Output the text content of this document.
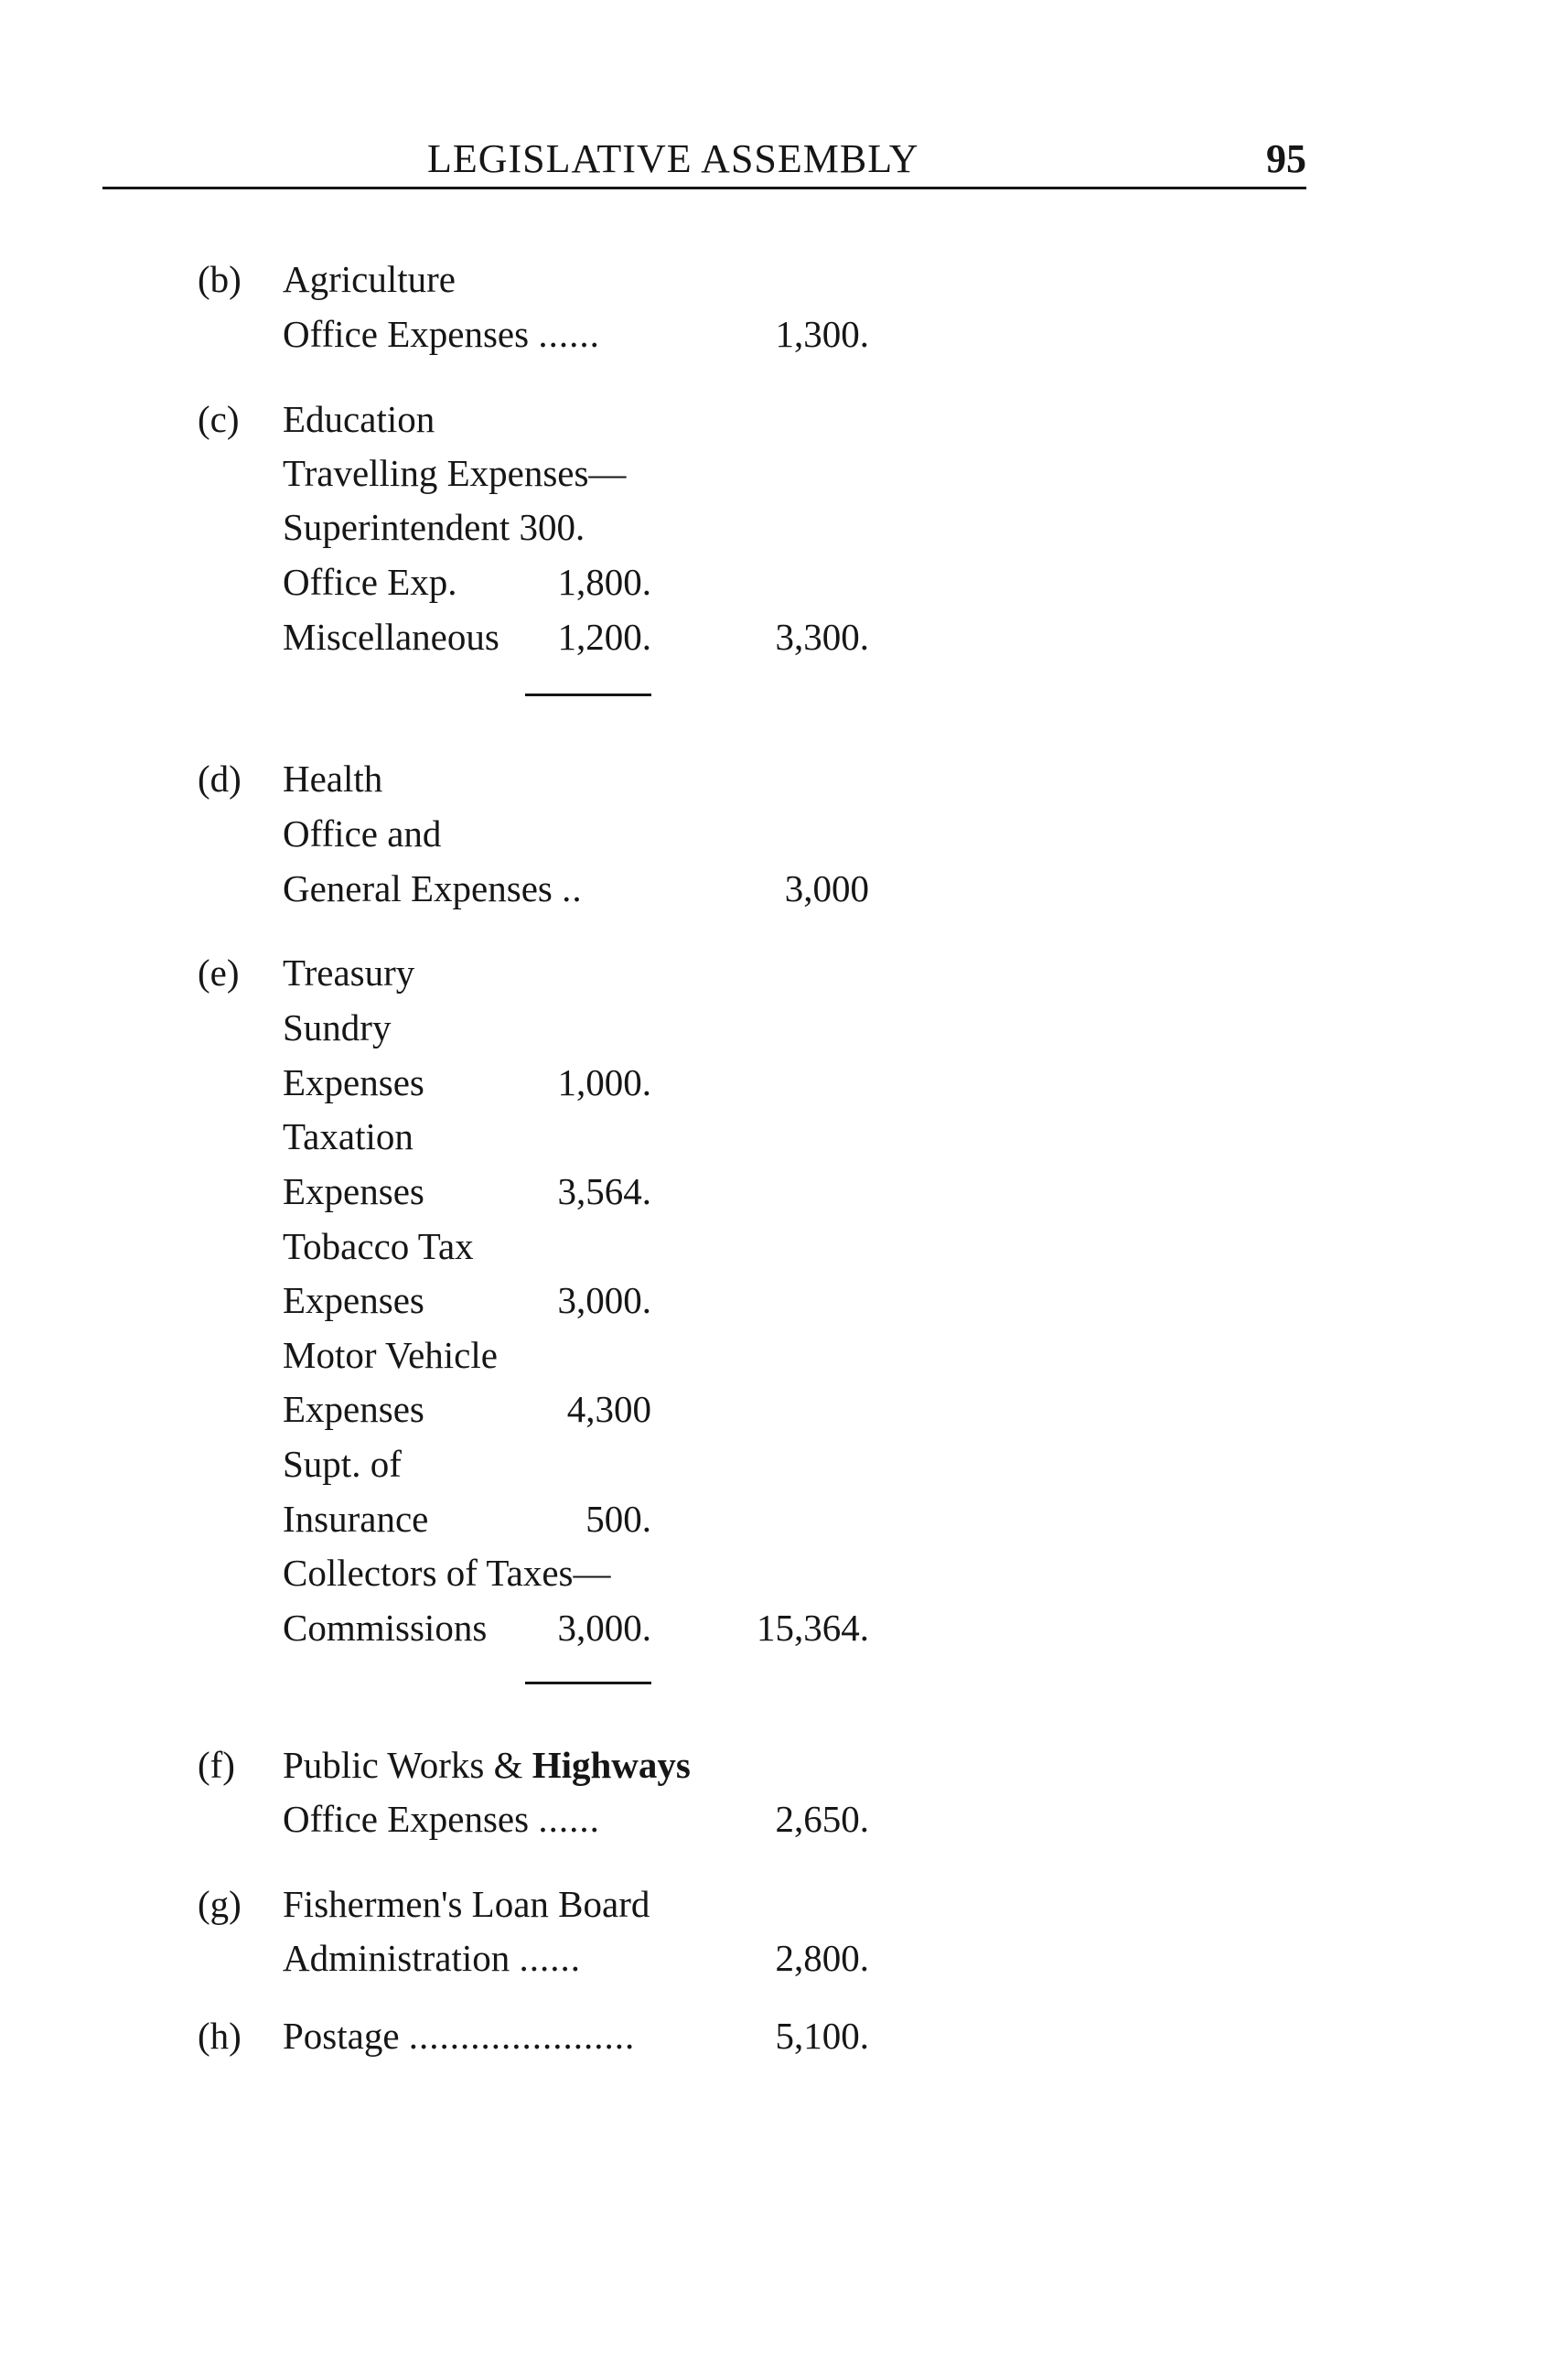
LEGISLATIVE ASSEMBLY	95
(b) Agriculture
Office Expenses ......	1,300.
(c) Education
Travelling Expenses—
Superintendent 300.
Office Exp.	1,800.
Miscellaneous	1,200.	3,300.
(d) Health
Office and
General Expenses ..	3,000
(e) Treasury
Sundry
Expenses	1,000.
Taxation
Expenses	3,564.
Tobacco Tax
Expenses	3,000.
Motor Vehicle
Expenses	4,300
Supt. of
Insurance	500.
Collectors of Taxes—
Commissions	3,000.	15,364.
(f) Public Works & Highways
Office Expenses ......	2,650.
(g) Fishermen's Loan Board
Administration ......	2,800.
(h) Postage ......................	5,100.
